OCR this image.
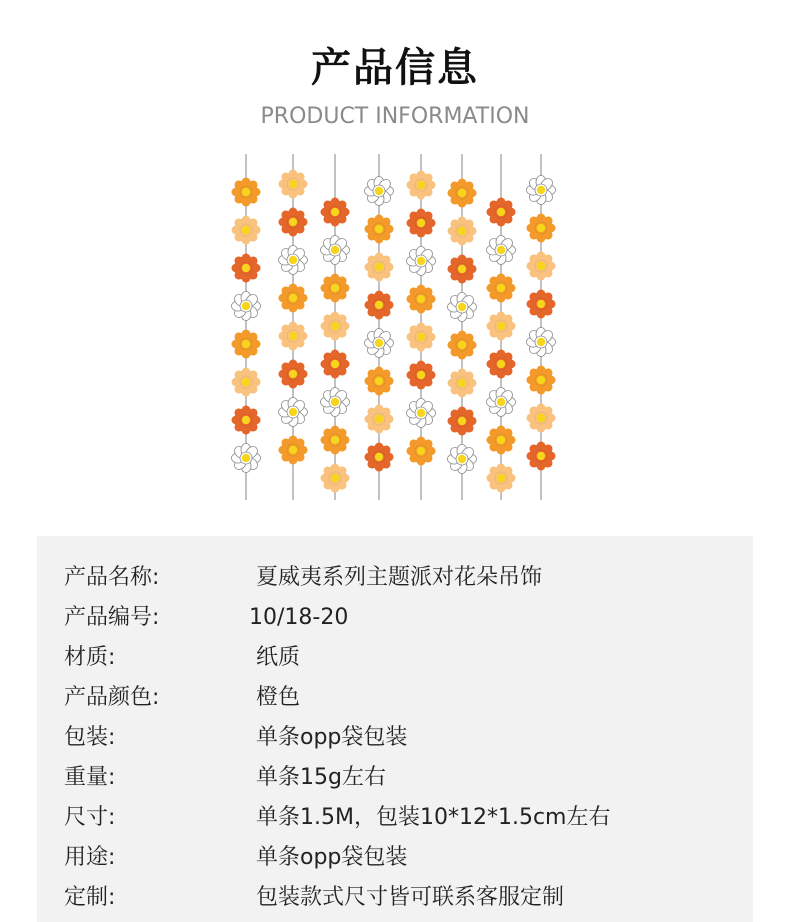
产品信息
PRODUCT INFORMATION
产品名称:	夏威夷系列主题派对花朵吊饰
产品编号:	10/18-20
材质:	纸质
产品颜色:	橙色
包装:	单条opp袋包装
重量:	单条15g左右
尺寸:	单条1.5M，包装10*12*1.5cm左右
用途:	单条opp袋包装
定制:	包装款式尺寸皆可联系客服定制
